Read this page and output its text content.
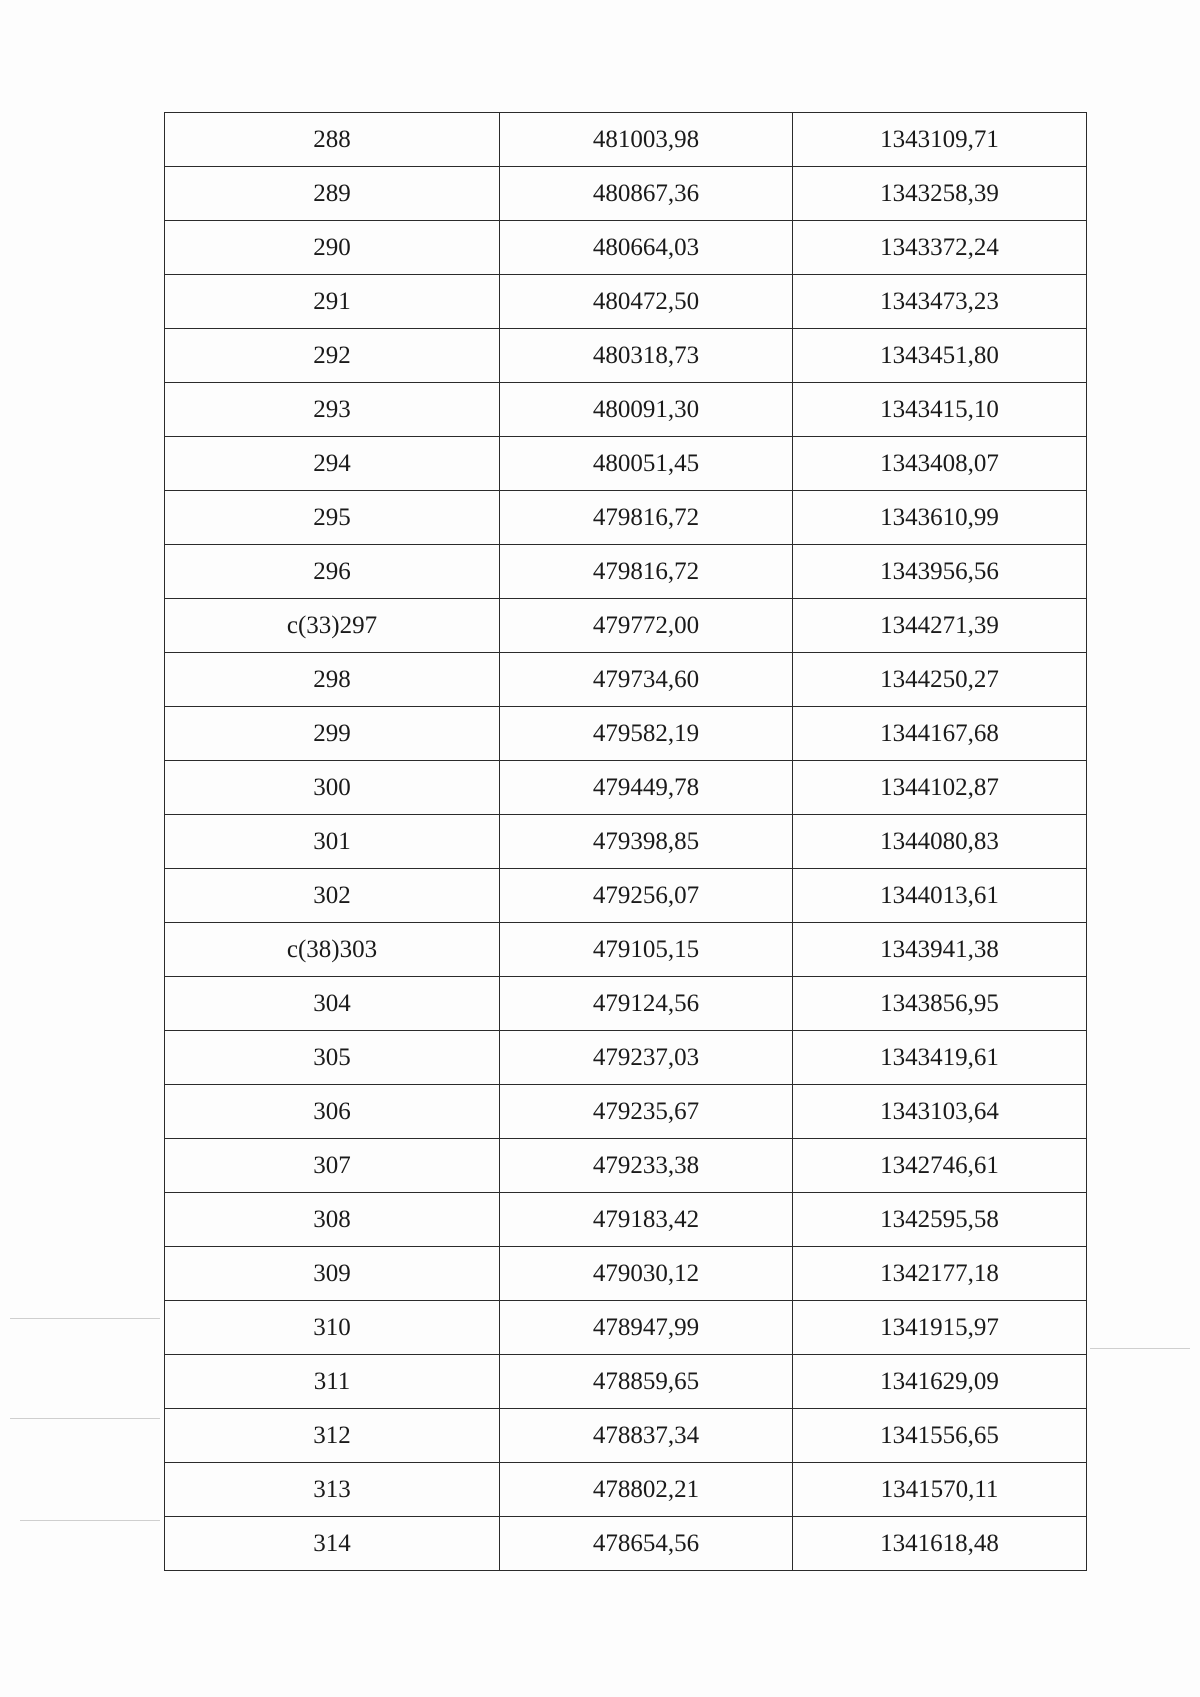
288	481003,98	1343109,71
289	480867,36	1343258,39
290	480664,03	1343372,24
291	480472,50	1343473,23
292	480318,73	1343451,80
293	480091,30	1343415,10
294	480051,45	1343408,07
295	479816,72	1343610,99
296	479816,72	1343956,56
c(33)297	479772,00	1344271,39
298	479734,60	1344250,27
299	479582,19	1344167,68
300	479449,78	1344102,87
301	479398,85	1344080,83
302	479256,07	1344013,61
c(38)303	479105,15	1343941,38
304	479124,56	1343856,95
305	479237,03	1343419,61
306	479235,67	1343103,64
307	479233,38	1342746,61
308	479183,42	1342595,58
309	479030,12	1342177,18
310	478947,99	1341915,97
311	478859,65	1341629,09
312	478837,34	1341556,65
313	478802,21	1341570,11
314	478654,56	1341618,48
